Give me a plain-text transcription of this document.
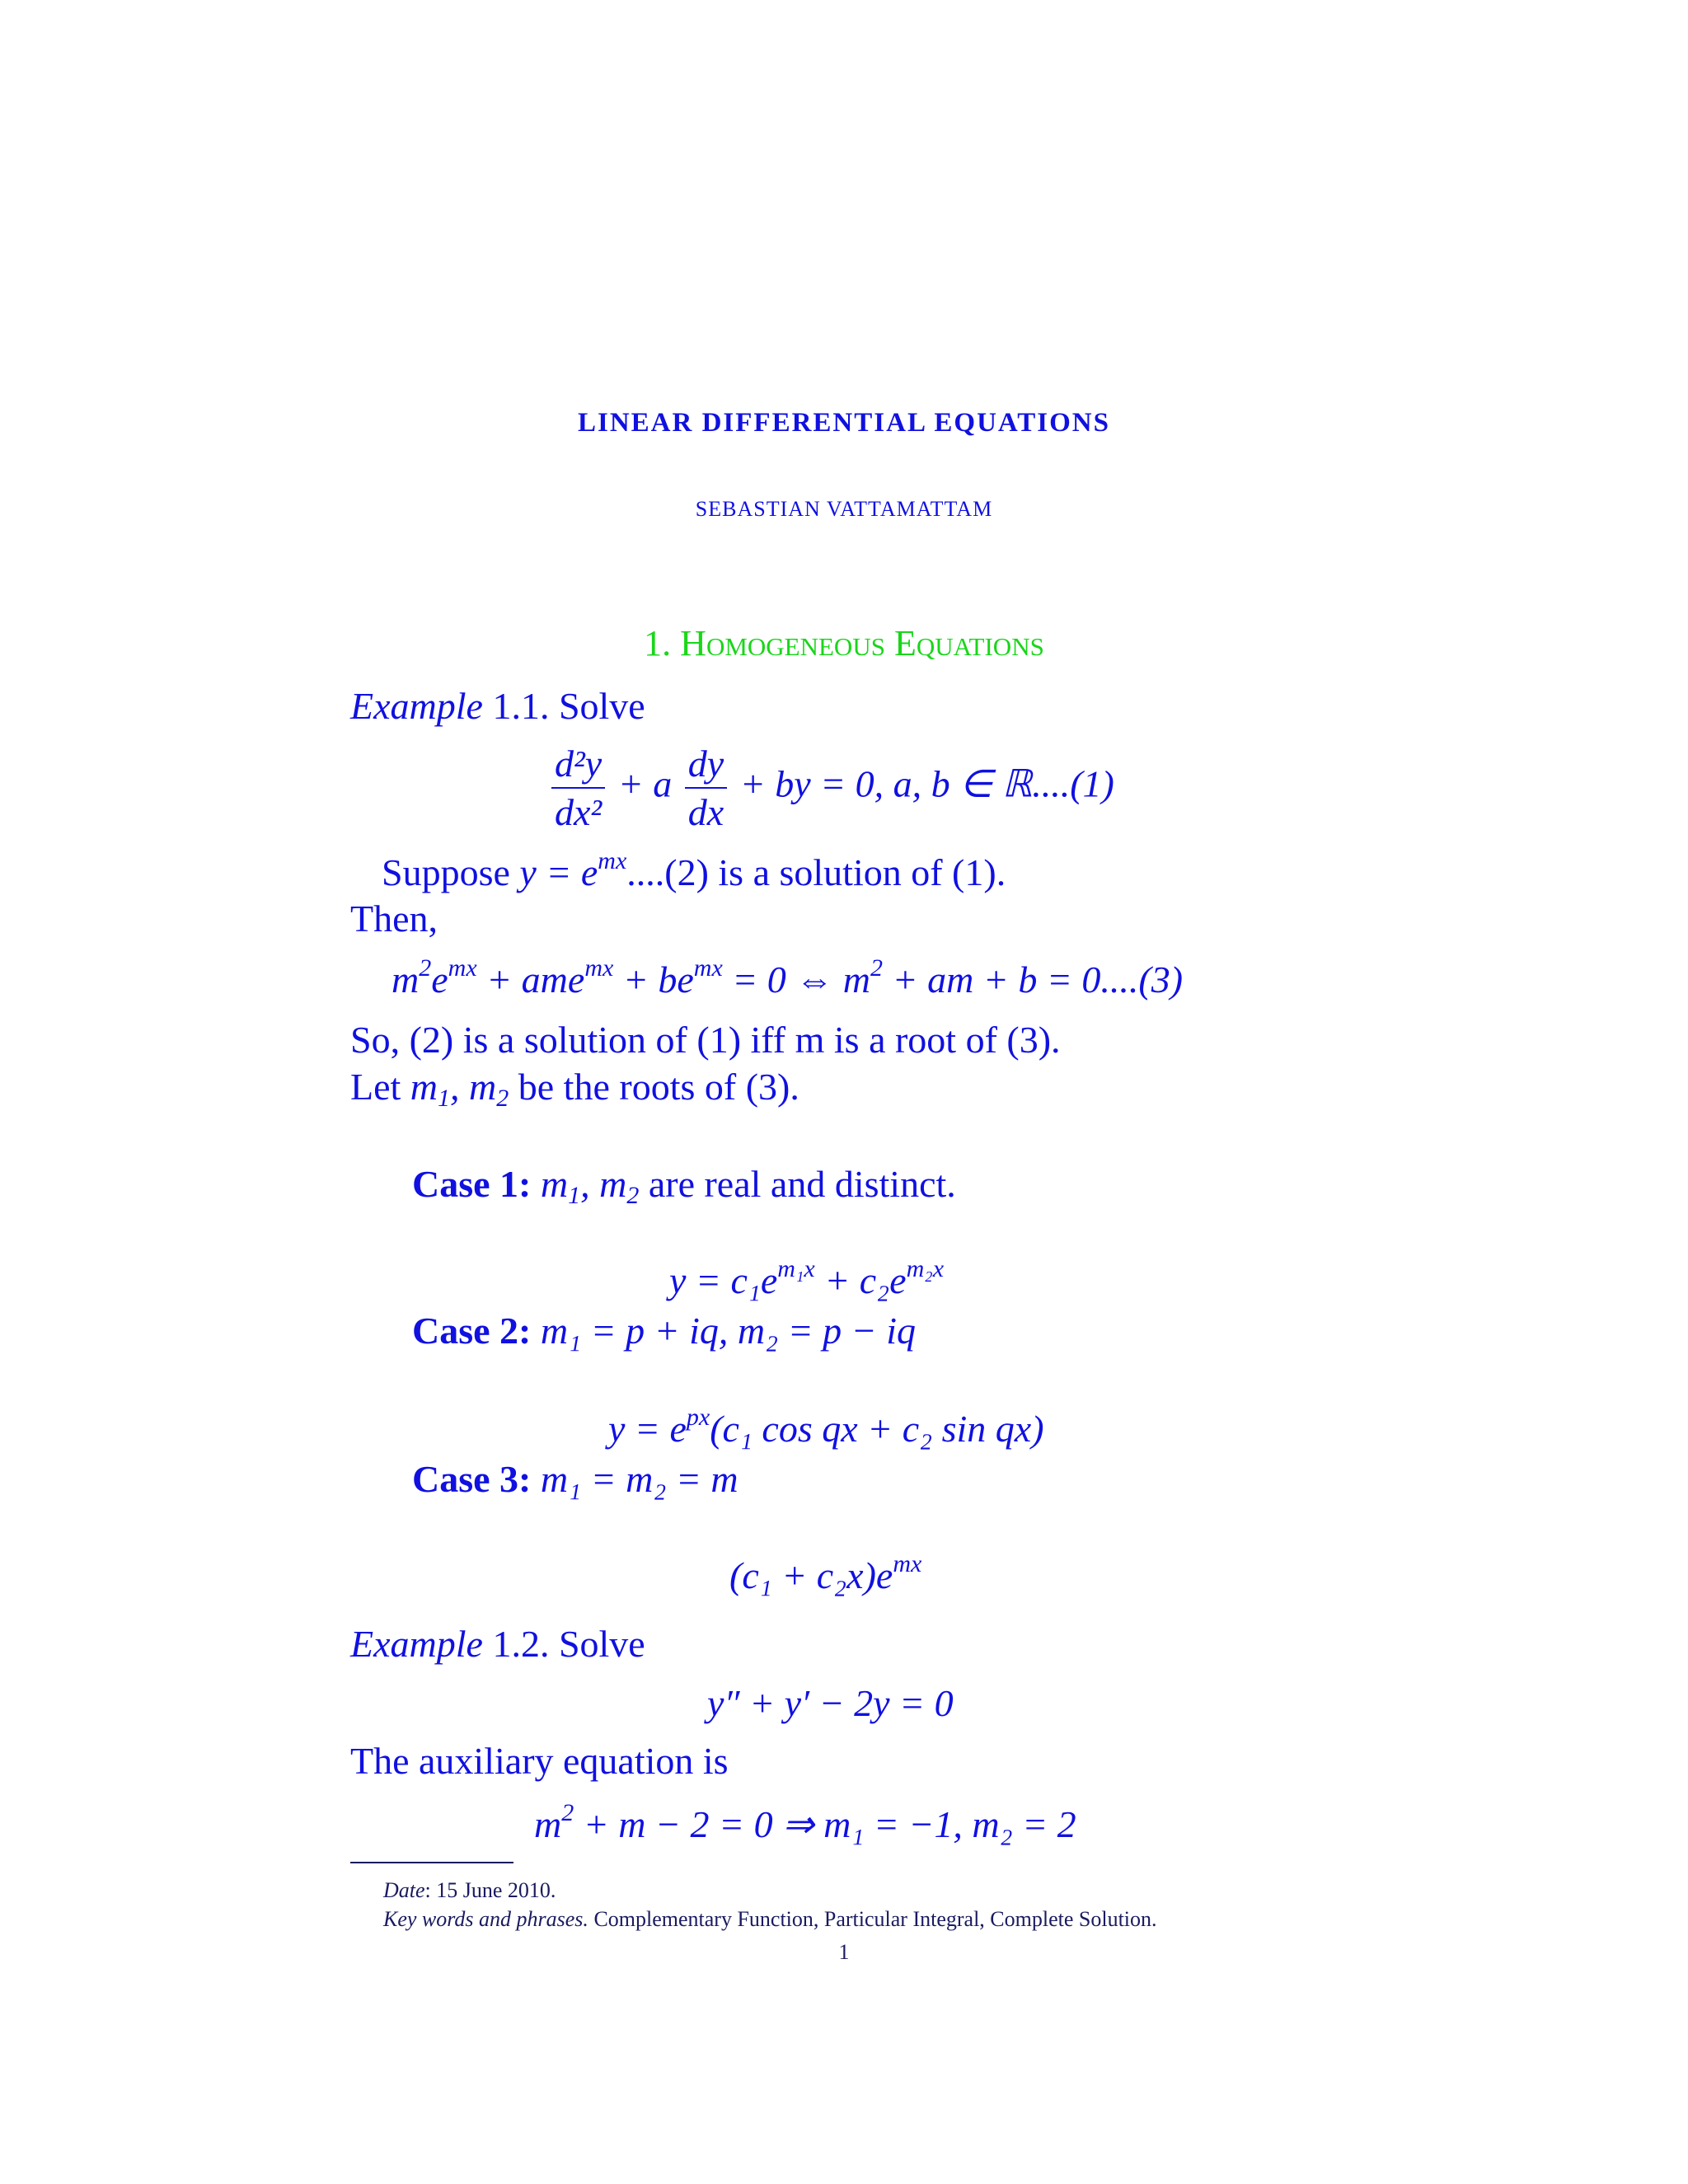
LINEAR DIFFERENTIAL EQUATIONS
SEBASTIAN VATTAMATTAM
1. Homogeneous Equations
Example 1.1. Solve
$\frac{\text{d²y}}{\text{dx²}} + a \frac{dy}{dx}$ + by = 0, a, b ∈ ℝ....(1)
Suppose $y = e^{mx}....(2)$ is a solution of (1).
Then,
$m^2e^{mx} + ame^{mx} + be^{mx} = 0$ ⇔ $m^2$ + am + b = 0....(3)
So, (2) is a solution of (1) iff m is a root of (3).
Let $m_1$, $m_2$ be the roots of (3).
Case 1: $m_1$, $m_2$ are real and distinct.
$y = c_1e^{m_1x} + c_2e^{m_2x}$
Case 2: m₁ = p + iq, m₂ = p − iq
$y = e^{px}(c_1$ cos qx + c₂ sin qx)
Case 3: m₁ = m₂ = m
$(c_1 + c_2x)e^{mx}$
Example 1.2. Solve
y″ + y′ − 2y = 0
The auxiliary equation is
$m^2 + m - 2 = 0$ ⇒ m₁ = −1, m₂ = 2
Date: 15 June 2010.
Key words and phrases. Complementary Function, Particular Integral, Complete Solution.
1
